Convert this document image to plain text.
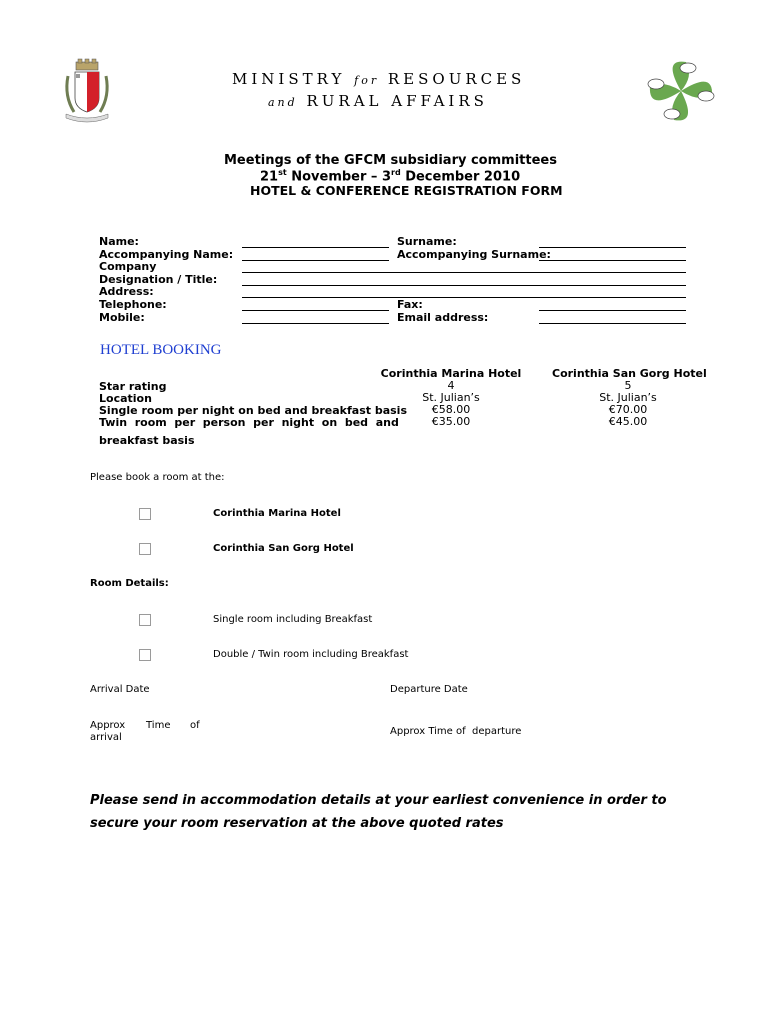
MINISTRY for RESOURCES
and RURAL AFFAIRS
Meetings of the GFCM subsidiary committees
21st November – 3rd December 2010
HOTEL & CONFERENCE REGISTRATION FORM
Name:
Accompanying Name:
Company
Designation / Title:
Address:
Telephone:
Mobile:
Surname:
Accompanying Surname:
Fax:
Email address:
HOTEL BOOKING
Star rating
Location
Single room per night on bed and breakfast basis
Twin  room  per  person  per  night  on  bed  and
breakfast basis
Corinthia Marina Hotel
4
St. Julian’s
€58.00
€35.00
Corinthia San Gorg Hotel
5
St. Julian’s
€70.00
€45.00
Please book a room at the:
Corinthia Marina Hotel
Corinthia San Gorg Hotel
Room Details:
Single room including Breakfast
Double / Twin room including Breakfast
Arrival Date	Departure Date
Approx Time of
arrival
Approx Time of  departure
Please send in accommodation details at your earliest convenience in order to
secure your room reservation at the above quoted rates
